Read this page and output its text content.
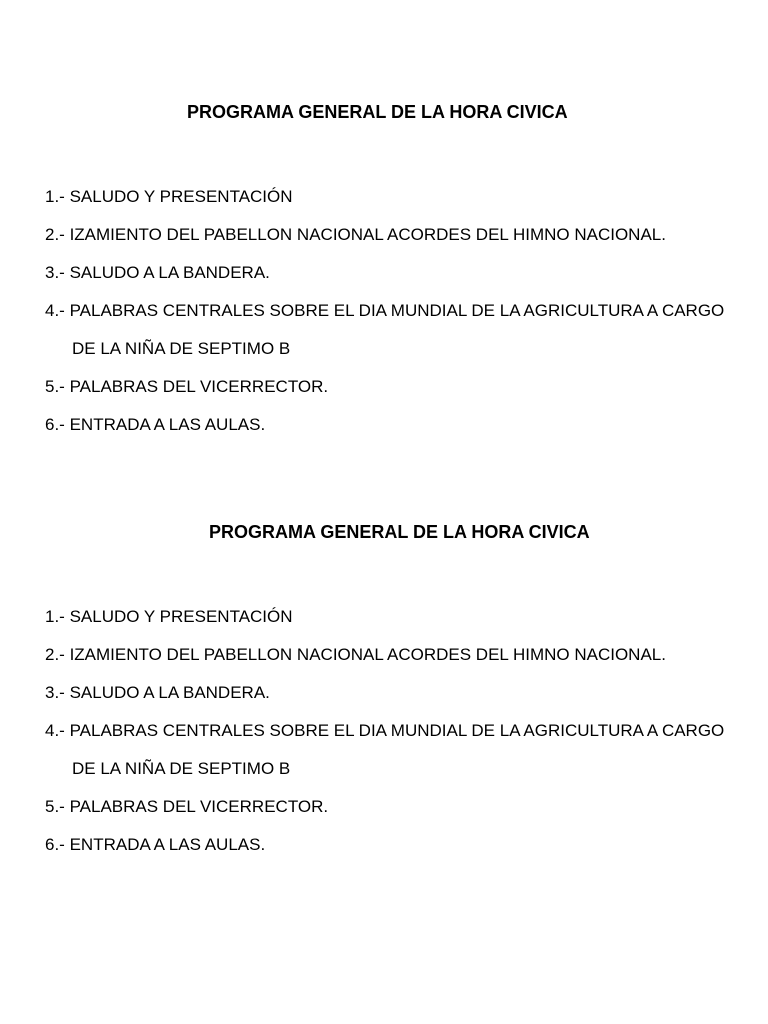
PROGRAMA GENERAL DE LA HORA CIVICA
1.- SALUDO Y PRESENTACIÓN
2.- IZAMIENTO DEL PABELLON NACIONAL ACORDES DEL HIMNO NACIONAL.
3.- SALUDO A LA BANDERA.
4.- PALABRAS CENTRALES SOBRE EL DIA MUNDIAL DE LA AGRICULTURA A CARGO
DE LA NIÑA DE SEPTIMO B
5.- PALABRAS DEL VICERRECTOR.
6.- ENTRADA A LAS AULAS.
PROGRAMA GENERAL DE LA HORA CIVICA
1.- SALUDO Y PRESENTACIÓN
2.- IZAMIENTO DEL PABELLON NACIONAL ACORDES DEL HIMNO NACIONAL.
3.- SALUDO A LA BANDERA.
4.- PALABRAS CENTRALES SOBRE EL DIA MUNDIAL DE LA AGRICULTURA A CARGO
DE LA NIÑA DE SEPTIMO B
5.- PALABRAS DEL VICERRECTOR.
6.- ENTRADA A LAS AULAS.
